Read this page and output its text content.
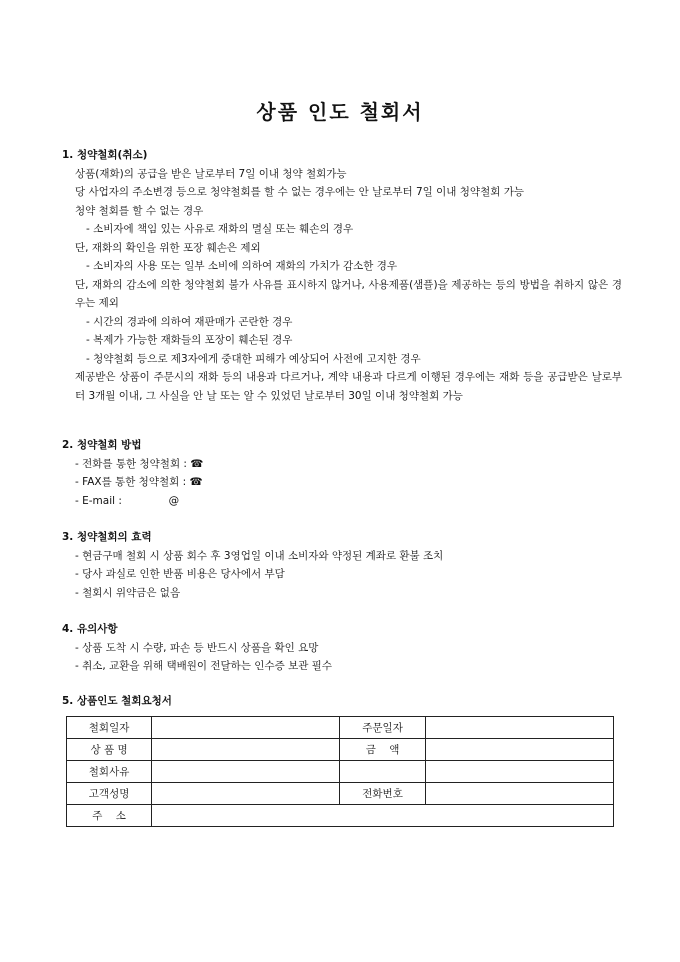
상품 인도 철회서

1. 청약철회(취소)

상품(재화)의 공급을 받은 날로부터 7일 이내 청약 철회가능

당 사업자의 주소변경 등으로 청약철회를 할 수 없는 경우에는 안 날로부터 7일 이내 청약철회 가능

청약 철회를 할 수 없는 경우

- 소비자에 책임 있는 사유로 재화의 멸실 또는 훼손의 경우

단, 재화의 확인을 위한 포장 훼손은 제외

- 소비자의 사용 또는 일부 소비에 의하여 재화의 가치가 감소한 경우

단, 재화의 감소에 의한 청약철회 불가 사유를 표시하지 않거나, 사용제품(샘플)을 제공하는 등의 방법을 취하지 않은 경우는 제외

- 시간의 경과에 의하여 재판매가 곤란한 경우

- 복제가 가능한 재화들의 포장이 훼손된 경우

- 청약철회 등으로 제3자에게 중대한 피해가 예상되어 사전에 고지한 경우

제공받은 상품이 주문시의 재화 등의 내용과 다르거나, 계약 내용과 다르게 이행된 경우에는 재화 등을 공급받은 날로부터 3개월 이내, 그 사실을 안 날 또는 알 수 있었던 날로부터 30일 이내 청약철회 가능

2. 청약철회 방법

- 전화를 통한 청약철회 : ☎

- FAX를 통한 청약철회 : ☎

- E-mail :	@

3. 청약철회의 효력

- 현금구매 철회 시 상품 회수 후 3영업일 이내 소비자와 약정된 계좌로 환불 조치

- 당사 과실로 인한 반품 비용은 당사에서 부담

- 철회시 위약금은 없음

4. 유의사항

- 상품 도착 시 수량, 파손 등 반드시 상품을 확인 요망

- 취소, 교환을 위해 택배원이 전달하는 인수증 보관 필수

5. 상품인도 철회요청서

철회일자		주문일자	
상 품 명		금    액	
철회사유			
고객성명		전화번호	
주    소			
